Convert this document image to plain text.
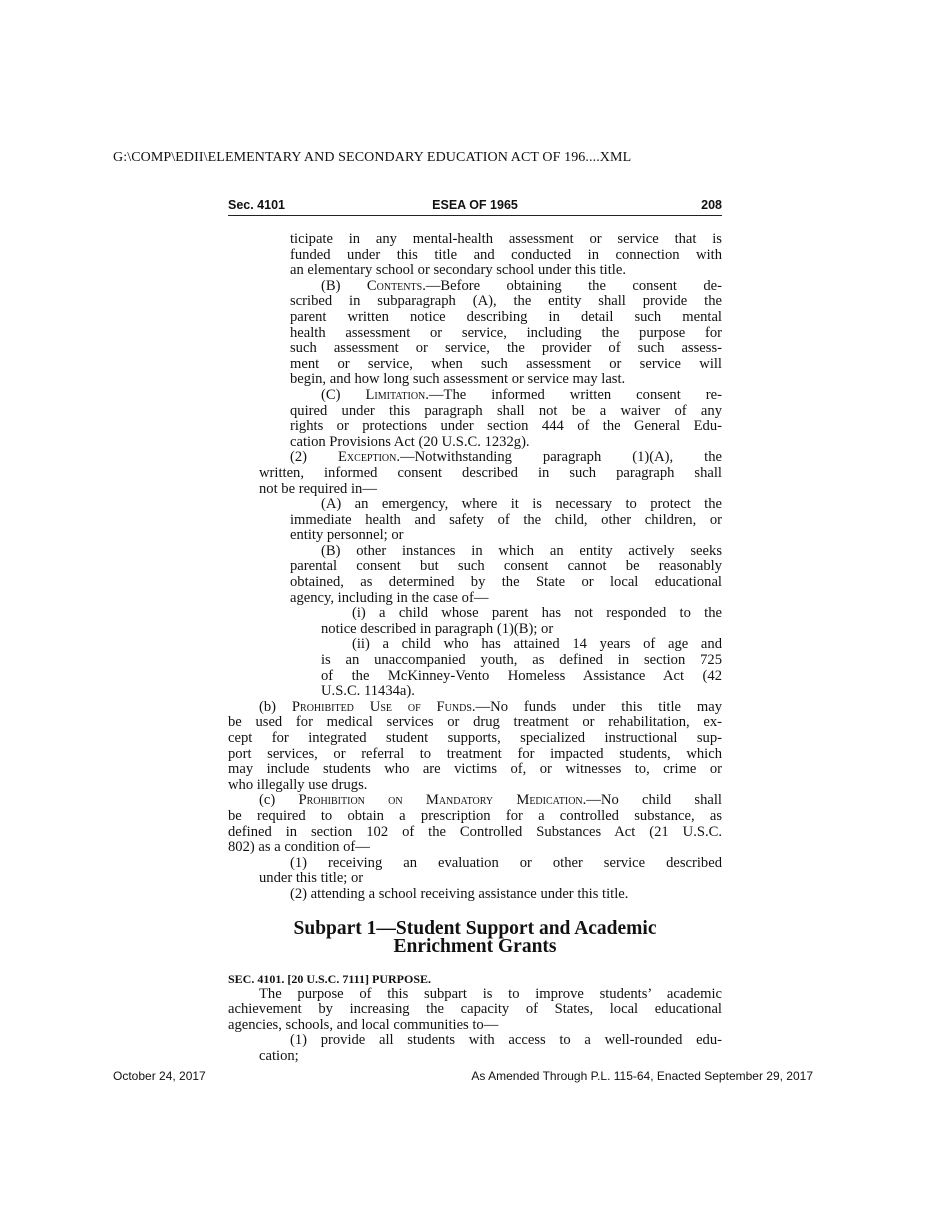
G:\COMP\EDII\ELEMENTARY AND SECONDARY EDUCATION ACT OF 196....XML
Sec. 4101	ESEA OF 1965	208

ticipate in any mental-health assessment or service that is

funded under this title and conducted in connection with

an elementary school or secondary school under this title.

(B) Contents.—Before obtaining the consent de-

scribed in subparagraph (A), the entity shall provide the

parent written notice describing in detail such mental

health assessment or service, including the purpose for

such assessment or service, the provider of such assess-

ment or service, when such assessment or service will

begin, and how long such assessment or service may last.

(C) Limitation.—The informed written consent re-

quired under this paragraph shall not be a waiver of any

rights or protections under section 444 of the General Edu-

cation Provisions Act (20 U.S.C. 1232g).

(2) Exception.—Notwithstanding paragraph (1)(A), the

written, informed consent described in such paragraph shall

not be required in—

(A) an emergency, where it is necessary to protect the

immediate health and safety of the child, other children, or

entity personnel; or

(B) other instances in which an entity actively seeks

parental consent but such consent cannot be reasonably

obtained, as determined by the State or local educational

agency, including in the case of—

(i) a child whose parent has not responded to the

notice described in paragraph (1)(B); or

(ii) a child who has attained 14 years of age and

is an unaccompanied youth, as defined in section 725

of the McKinney-Vento Homeless Assistance Act (42

U.S.C. 11434a).

(b) Prohibited Use of Funds.—No funds under this title may

be used for medical services or drug treatment or rehabilitation, ex-

cept for integrated student supports, specialized instructional sup-

port services, or referral to treatment for impacted students, which

may include students who are victims of, or witnesses to, crime or

who illegally use drugs.

(c) Prohibition on Mandatory Medication.—No child shall

be required to obtain a prescription for a controlled substance, as

defined in section 102 of the Controlled Substances Act (21 U.S.C.

802) as a condition of—

(1) receiving an evaluation or other service described

under this title; or

(2) attending a school receiving assistance under this title.

Subpart 1—Student Support and Academic
Enrichment Grants
SEC. 4101. [20 U.S.C. 7111] PURPOSE.

The purpose of this subpart is to improve students’ academic

achievement by increasing the capacity of States, local educational

agencies, schools, and local communities to—

(1) provide all students with access to a well-rounded edu-

cation;

October 24, 2017	As Amended Through P.L. 115-64, Enacted September 29, 2017
